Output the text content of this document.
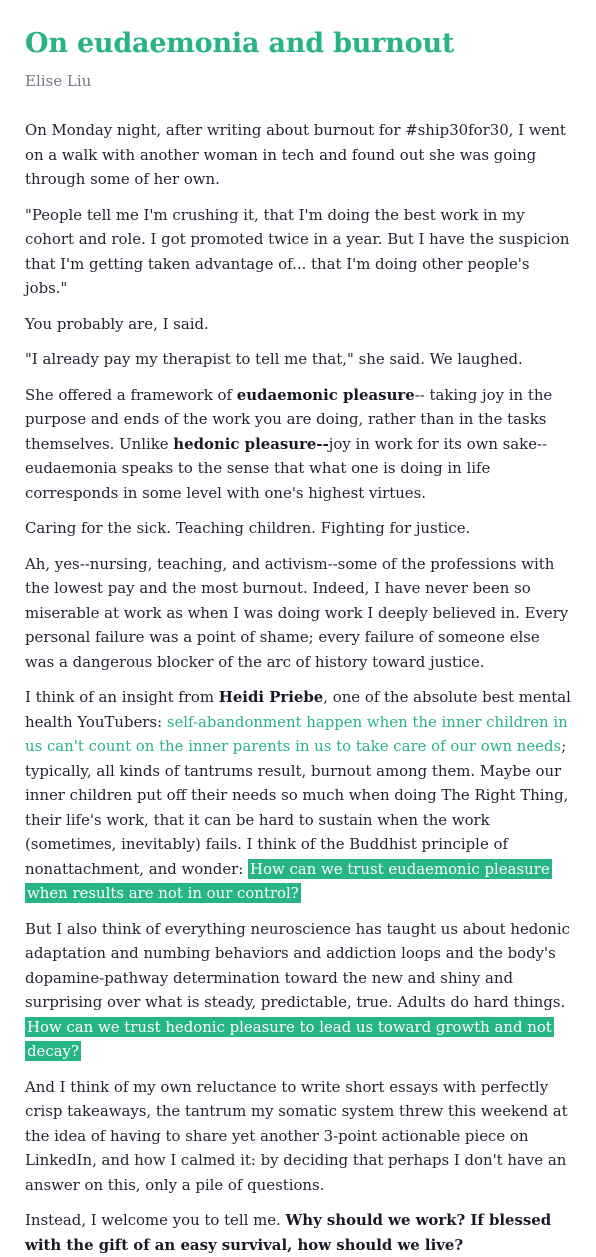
On eudaemonia and burnout
Elise Liu

On Monday night, after writing about burnout for #ship30for30, I went on a walk with another woman in tech and found out she was going through some of her own.

"People tell me I'm crushing it, that I'm doing the best work in my cohort and role. I got promoted twice in a year. But I have the suspicion that I'm getting taken advantage of... that I'm doing other people's jobs."

You probably are, I said.

"I already pay my therapist to tell me that," she said. We laughed.

She offered a framework of eudaemonic pleasure-- taking joy in the purpose and ends of the work you are doing, rather than in the tasks themselves. Unlike hedonic pleasure--joy in work for its own sake--eudaemonia speaks to the sense that what one is doing in life corresponds in some level with one's highest virtues.

Caring for the sick. Teaching children. Fighting for justice.

Ah, yes--nursing, teaching, and activism--some of the professions with the lowest pay and the most burnout. Indeed, I have never been so miserable at work as when I was doing work I deeply believed in. Every personal failure was a point of shame; every failure of someone else was a dangerous blocker of the arc of history toward justice.

I think of an insight from Heidi Priebe, one of the absolute best mental health YouTubers: self-abandonment happen when the inner children in us can't count on the inner parents in us to take care of our own needs; typically, all kinds of tantrums result, burnout among them. Maybe our inner children put off their needs so much when doing The Right Thing, their life's work, that it can be hard to sustain when the work (sometimes, inevitably) fails. I think of the Buddhist principle of nonattachment, and wonder: How can we trust eudaemonic pleasure when results are not in our control?

But I also think of everything neuroscience has taught us about hedonic adaptation and numbing behaviors and addiction loops and the body's dopamine-pathway determination toward the new and shiny and surprising over what is steady, predictable, true. Adults do hard things. How can we trust hedonic pleasure to lead us toward growth and not decay?

And I think of my own reluctance to write short essays with perfectly crisp takeaways, the tantrum my somatic system threw this weekend at the idea of having to share yet another 3-point actionable piece on LinkedIn, and how I calmed it: by deciding that perhaps I don't have an answer on this, only a pile of questions.

Instead, I welcome you to tell me. Why should we work? If blessed with the gift of an easy survival, how should we live?
